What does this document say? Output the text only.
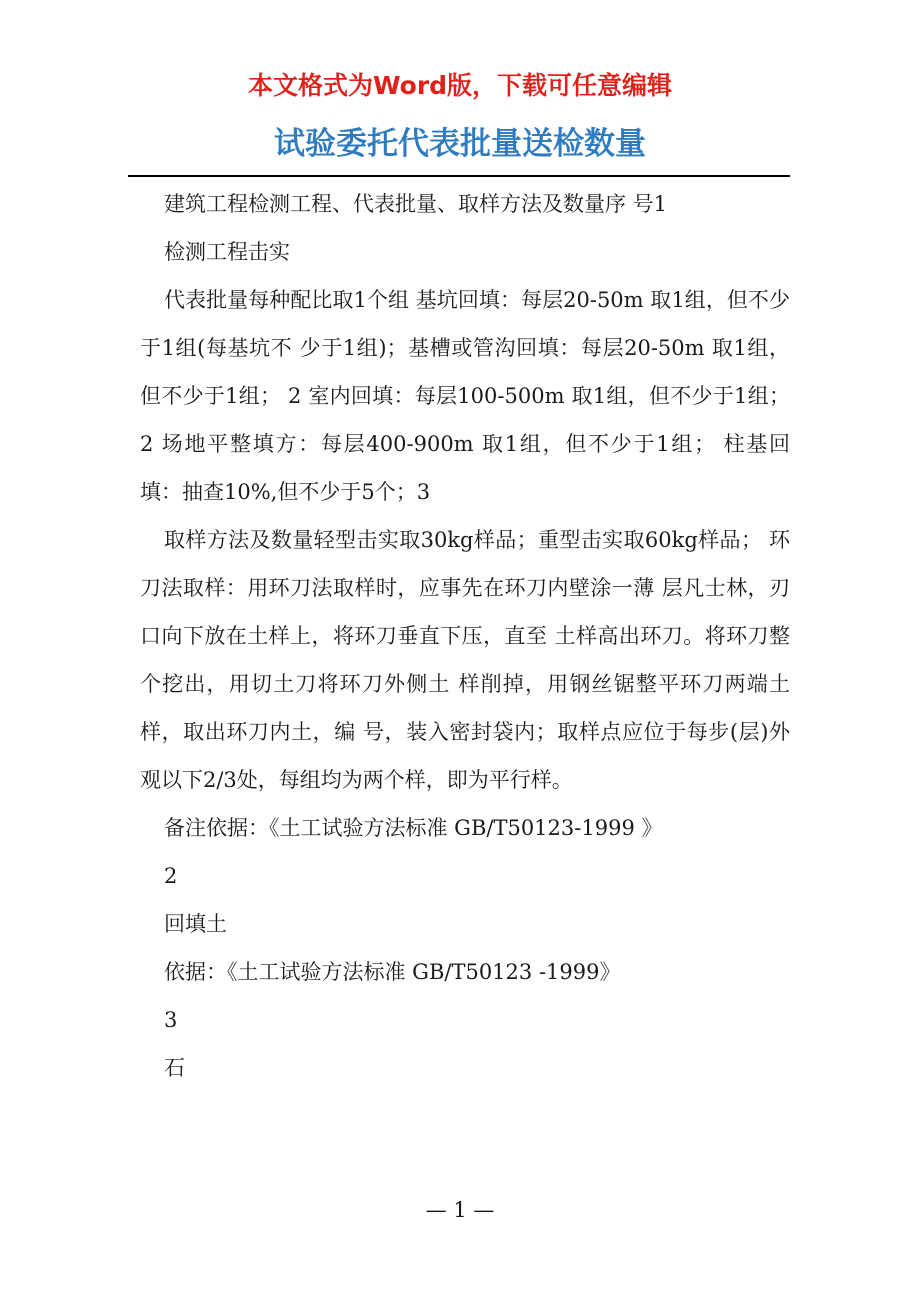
本文格式为Word版，下载可任意编辑

试验委托代表批量送检数量

建筑工程检测工程、代表批量、取样方法及数量序 号1

检测工程击实

代表批量每种配比取1个组 基坑回填：每层20-50m 取1组，但不少于1组(每基坑不 少于1组)；基槽或管沟回填：每层20-50m 取1组，但不少于1组； 2 室内回填：每层100-500m 取1组，但不少于1组； 2 场地平整填方：每层400-900m 取1组，但不少于1组； 柱基回填：抽查10%,但不少于5个；3

取样方法及数量轻型击实取30kg样品；重型击实取60kg样品； 环刀法取样：用环刀法取样时，应事先在环刀内壁涂一薄 层凡士林，刃口向下放在土样上，将环刀垂直下压，直至 土样高出环刀。将环刀整个挖出，用切土刀将环刀外侧土 样削掉，用钢丝锯整平环刀两端土样，取出环刀内土，编 号，装入密封袋内；取样点应位于每步(层)外观以下2/3处，每组均为两个样，即为平行样。

备注依据：《土工试验方法标准 GB/T50123-1999 》

2

回填土

依据：《土工试验方法标准 GB/T50123 -1999》

3

石

— 1 —
